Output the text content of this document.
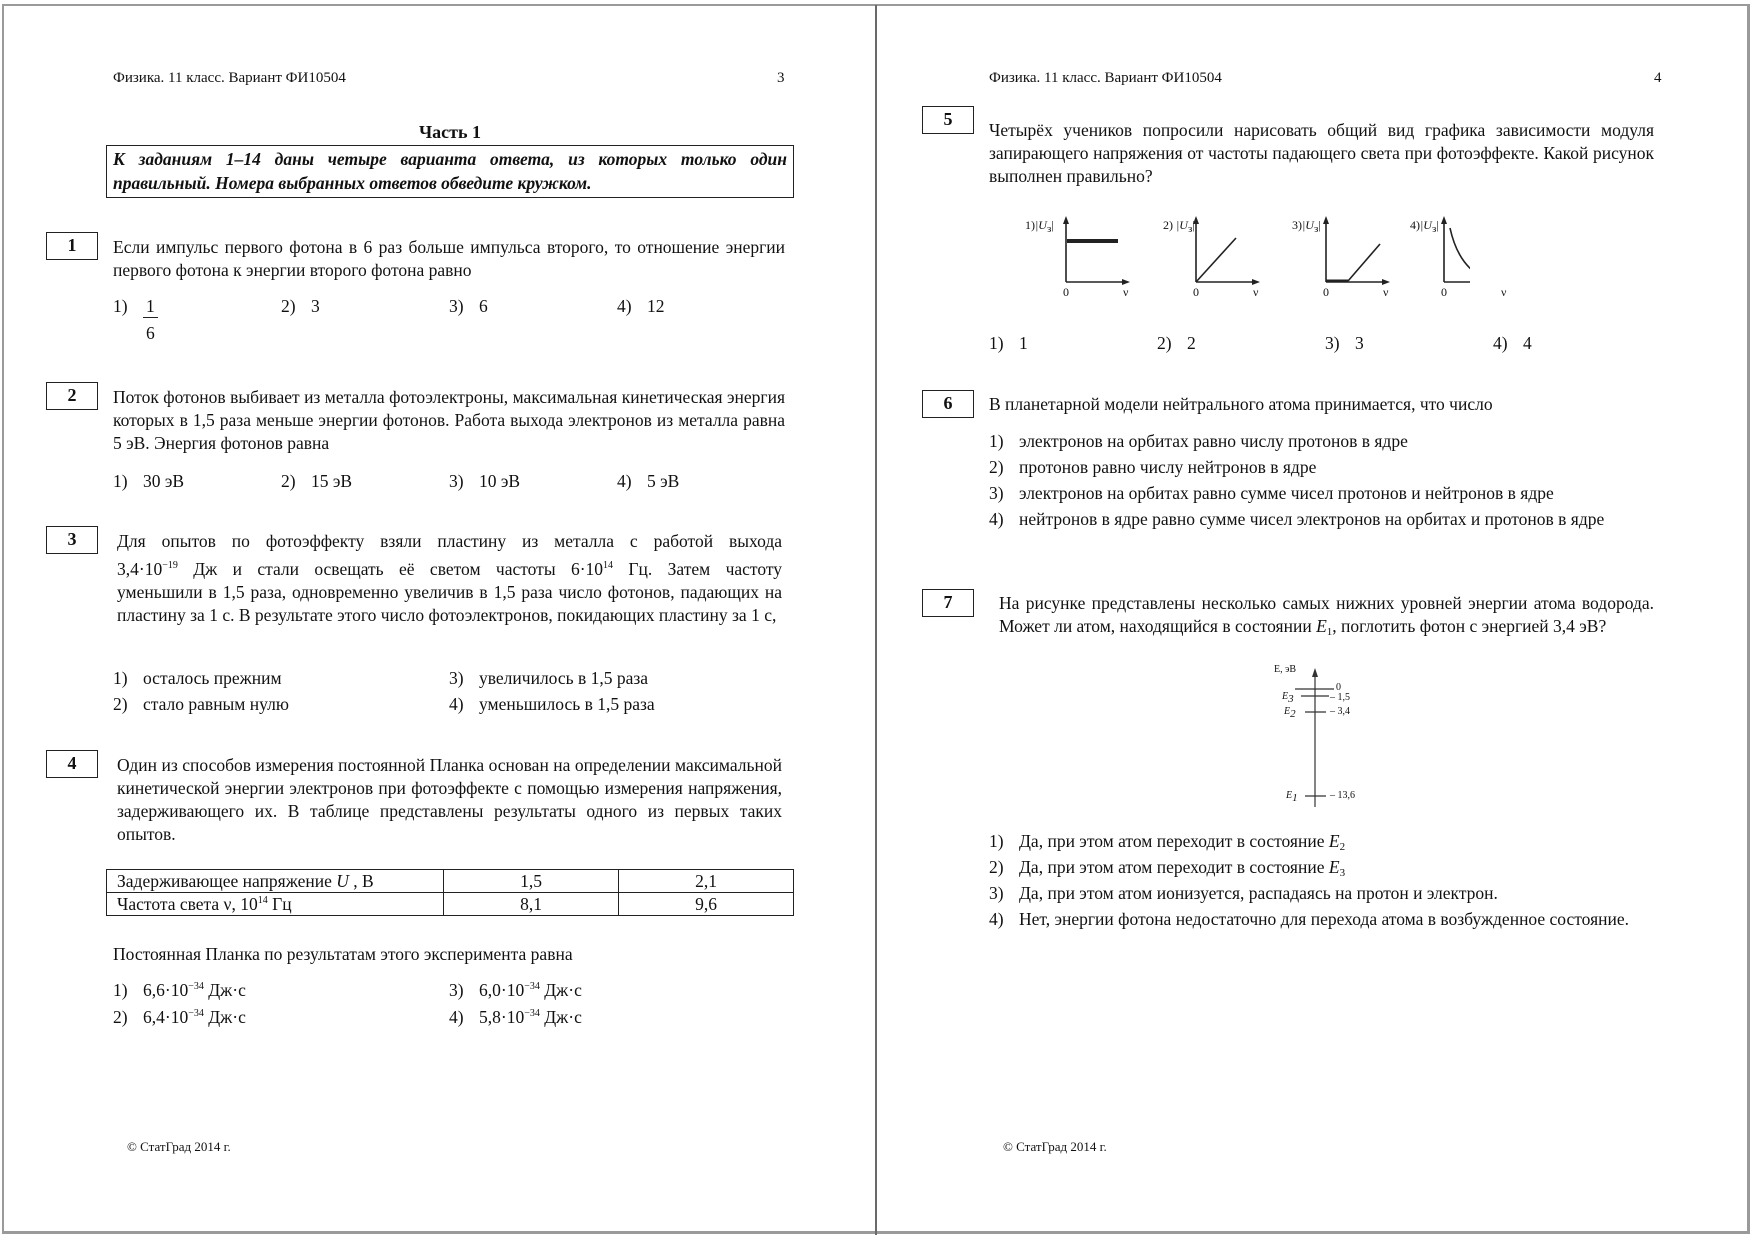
Физика. 11 класс. Вариант ФИ10504	3
Часть 1
К заданиям 1–14 даны четыре варианта ответа, из которых только один правильный. Номера выбранных ответов обведите кружком.
1	Если импульс первого фотона в 6 раз больше импульса второго, то отношение энергии первого фотона к энергии второго фотона равно
$1) \frac{1}{6}$	2) 3	3) 6	4) 12
2	Поток фотонов выбивает из металла фотоэлектроны, максимальная кинетическая энергия которых в 1,5 раза меньше энергии фотонов. Работа выхода электронов из металла равна 5 эВ. Энергия фотонов равна
1) 30 эВ	2) 15 эВ	3) 10 эВ	4) 5 эВ
3	Для опытов по фотоэффекту взяли пластину из металла с работой выхода
$3,4\cdot 10^{-19}$ Дж и стали освещать её светом частоты $6\cdot 10^{14}$ Гц. Затем частоту
уменьшили в 1,5 раза, одновременно увеличив в 1,5 раза число фотонов, падающих на пластину за 1 с. В результате этого число фотоэлектронов, покидающих пластину за 1 с,
1) осталось прежним
2) стало равным нулю
3) увеличилось в 1,5 раза
4) уменьшилось в 1,5 раза
4	Один из способов измерения постоянной Планка основан на определении максимальной кинетической энергии электронов при фотоэффекте с помощью измерения напряжения, задерживающего их. В таблице представлены результаты одного из первых таких опытов.
Задерживающее напряжение U , В	1,5	2,1
Частота света ν, $10^{14}$ Гц	8,1	9,6
Постоянная Планка по результатам этого эксперимента равна
1) $6,6\cdot 10^{-34}$ Дж·с
2) $6,4\cdot 10^{-34}$ Дж·с
3) $6,0\cdot 10^{-34}$ Дж·с
4) $5,8\cdot 10^{-34}$ Дж·с
© СтатГрад 2014 г.
Физика. 11 класс. Вариант ФИ10504	4
5
Четырёх учеников попросили нарисовать общий вид графика зависимости модуля запирающего напряжения от частоты падающего света при фотоэффекте. Какой рисунок выполнен правильно?
$1)|U_з|$	2) $|U_з|$	$3)|U_з|$	$4)|U_з|$
0	ν	0	ν	0	ν	0	ν
1) 1	2) 2	3) 3	4) 4
6	В планетарной модели нейтрального атома принимается, что число
1) электронов на орбитах равно числу протонов в ядре
2) протонов равно числу нейтронов в ядре
3) электронов на орбитах равно сумме чисел протонов и нейтронов в ядре
4) нейтронов в ядре равно сумме чисел электронов на орбитах и протонов в ядре
7	На рисунке представлены несколько самых нижних уровней энергии атома водорода. Может ли атом, находящийся в состоянии $E_1$, поглотить фотон с энергией 3,4 эВ?
E, эВ
0
$E_3$	– 1,5
$E_2$	– 3,4
$E_1$	– 13,6
1) Да, при этом атом переходит в состояние $E_2$
2) Да, при этом атом переходит в состояние $E_3$
3) Да, при этом атом ионизуется, распадаясь на протон и электрон.
4) Нет, энергии фотона недостаточно для перехода атома в возбужденное состояние.
© СтатГрад 2014 г.
